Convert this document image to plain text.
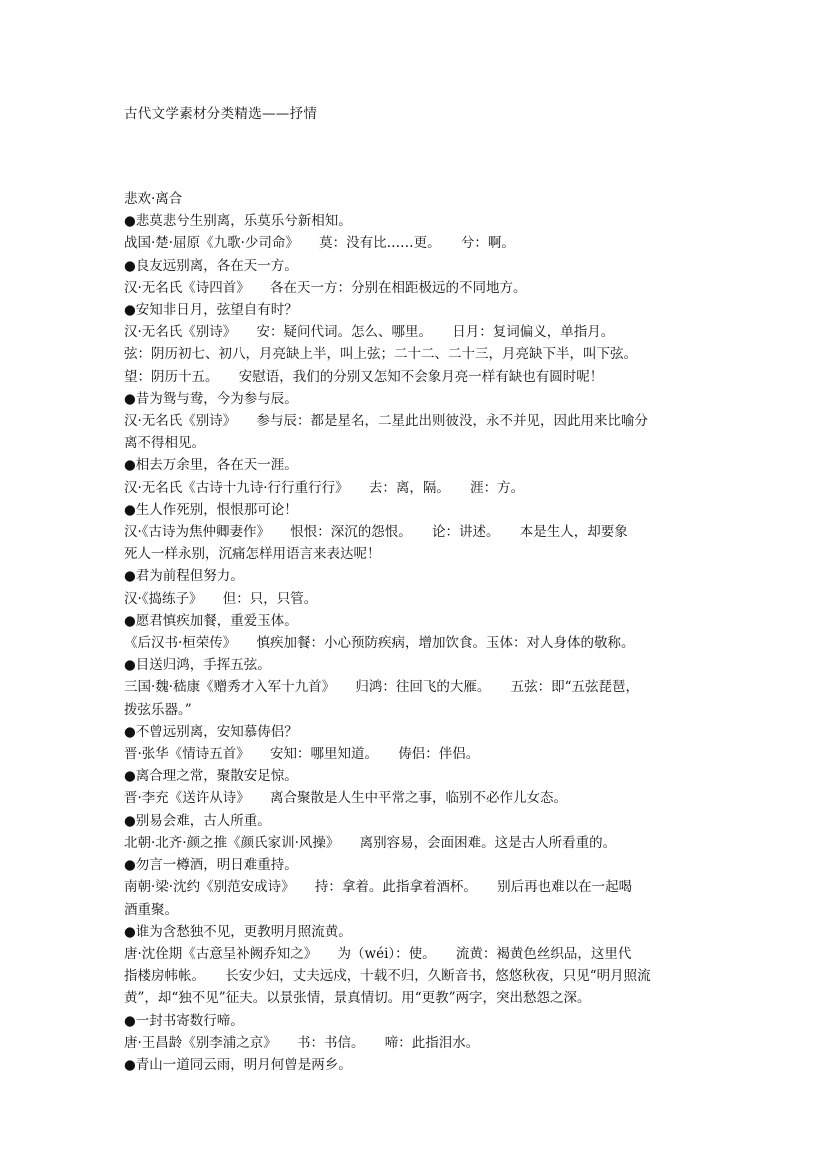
古代文学素材分类精选——抒情
悲欢·离合
●悲莫悲兮生别离，乐莫乐兮新相知。
战国·楚·屈原《九歌·少司命》　　莫：没有比……更。　　兮：啊。
●良友远别离，各在天一方。
汉·无名氏《诗四首》　　各在天一方：分别在相距极远的不同地方。
●安知非日月，弦望自有时？
汉·无名氏《别诗》　　安：疑问代词。怎么、哪里。　　日月：复词偏义，单指月。
弦：阴历初七、初八，月亮缺上半，叫上弦；二十二、二十三，月亮缺下半，叫下弦。
望：阴历十五。　　安慰语，我们的分别又怎知不会象月亮一样有缺也有圆时呢！
●昔为鸳与鸯，今为参与辰。
汉·无名氏《别诗》　　参与辰：都是星名，二星此出则彼没，永不并见，因此用来比喻分
离不得相见。
●相去万余里，各在天一涯。
汉·无名氏《古诗十九诗·行行重行行》　　去：离，隔。　　涯：方。
●生人作死别，恨恨那可论！
汉·《古诗为焦仲卿妻作》　　恨恨：深沉的怨恨。　　论：讲述。　　本是生人，却要象
死人一样永别，沉痛怎样用语言来表达呢！
●君为前程但努力。
汉·《捣练子》　　但：只，只管。
●愿君慎疾加餐，重爱玉体。
《后汉书·桓荣传》　　慎疾加餐：小心预防疾病，增加饮食。玉体：对人身体的敬称。
●目送归鸿，手挥五弦。
三国·魏·嵇康《赠秀才入军十九首》　　归鸿：往回飞的大雁。　　五弦：即“五弦琵琶，
拨弦乐器。”
●不曾远别离，安知慕俦侣？
晋·张华《情诗五首》　　安知：哪里知道。　　俦侣：伴侣。
●离合理之常，聚散安足惊。
晋·李充《送许从诗》　　离合聚散是人生中平常之事，临别不必作儿女态。
●别易会难，古人所重。
北朝·北齐·颜之推《颜氏家训·风操》　　离别容易，会面困难。这是古人所看重的。
●勿言一樽酒，明日难重持。
南朝·梁·沈约《别范安成诗》　　持：拿着。此指拿着酒杯。　　别后再也难以在一起喝
酒重聚。
●谁为含愁独不见，更教明月照流黄。
唐·沈佺期《古意呈补阙乔知之》　　为（wéi）：使。　　流黄：褐黄色丝织品，这里代
指楼房帏帐。　　长安少妇，丈夫远戍，十载不归，久断音书，悠悠秋夜，只见“明月照流
黄”，却“独不见”征夫。以景张情，景真情切。用“更教”两字，突出愁怨之深。
●一封书寄数行啼。
唐·王昌龄《别李浦之京》　　书：书信。　　啼：此指泪水。
●青山一道同云雨，明月何曾是两乡。
